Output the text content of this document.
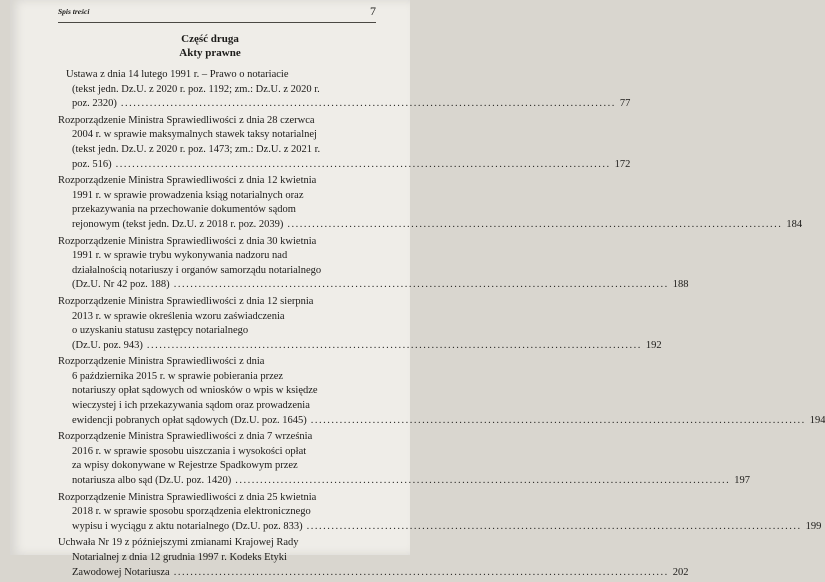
Spis treści	7
Część druga
Akty prawne
Ustawa z dnia 14 lutego 1991 r. – Prawo o notariacie
(tekst jedn. Dz.U. z 2020 r. poz. 1192; zm.: Dz.U. z 2020 r.
poz. 2320) ........................................................................................................................ 77
Rozporządzenie Ministra Sprawiedliwości z dnia 28 czerwca
2004 r. w sprawie maksymalnych stawek taksy notarialnej
(tekst jedn. Dz.U. z 2020 r. poz. 1473; zm.: Dz.U. z 2021 r.
poz. 516) ........................................................................................................................ 172
Rozporządzenie Ministra Sprawiedliwości z dnia 12 kwietnia
1991 r. w sprawie prowadzenia ksiąg notarialnych oraz
przekazywania na przechowanie dokumentów sądom
rejonowym (tekst jedn. Dz.U. z 2018 r. poz. 2039) ........................................................................................................................ 184
Rozporządzenie Ministra Sprawiedliwości z dnia 30 kwietnia
1991 r. w sprawie trybu wykonywania nadzoru nad
działalnością notariuszy i organów samorządu notarialnego
(Dz.U. Nr 42 poz. 188) ........................................................................................................................ 188
Rozporządzenie Ministra Sprawiedliwości z dnia 12 sierpnia
2013 r. w sprawie określenia wzoru zaświadczenia
o uzyskaniu statusu zastępcy notarialnego
(Dz.U. poz. 943) ........................................................................................................................ 192
Rozporządzenie Ministra Sprawiedliwości z dnia
6 października 2015 r. w sprawie pobierania przez
notariuszy opłat sądowych od wniosków o wpis w księdze
wieczystej i ich przekazywania sądom oraz prowadzenia
ewidencji pobranych opłat sądowych (Dz.U. poz. 1645) ........................................................................................................................ 194
Rozporządzenie Ministra Sprawiedliwości z dnia 7 września
2016 r. w sprawie sposobu uiszczania i wysokości opłat
za wpisy dokonywane w Rejestrze Spadkowym przez
notariusza albo sąd (Dz.U. poz. 1420) ........................................................................................................................ 197
Rozporządzenie Ministra Sprawiedliwości z dnia 25 kwietnia
2018 r. w sprawie sposobu sporządzenia elektronicznego
wypisu i wyciągu z aktu notarialnego (Dz.U. poz. 833) ........................................................................................................................ 199
Uchwała Nr 19 z późniejszymi zmianami Krajowej Rady
Notarialnej z dnia 12 grudnia 1997 r. Kodeks Etyki
Zawodowej Notariusza ........................................................................................................................ 202
